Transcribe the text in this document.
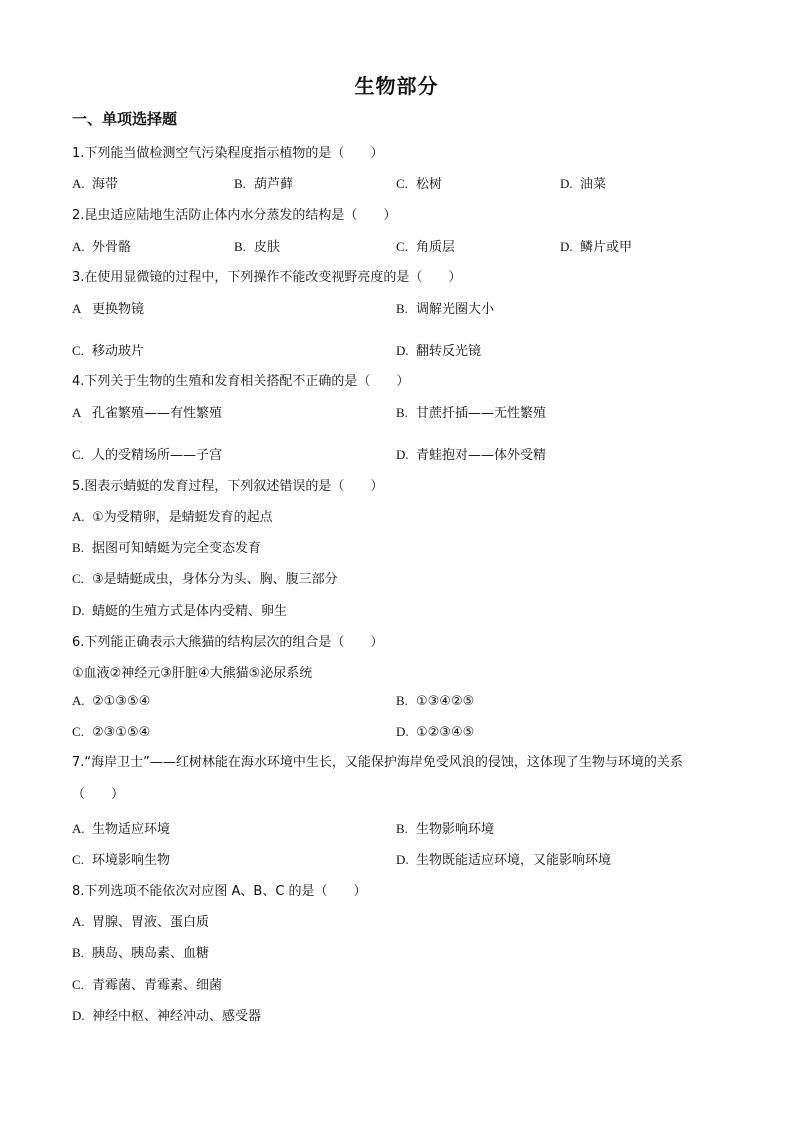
生物部分
一、单项选择题
1.下列能当做检测空气污染程度指示植物的是（　　）
A. 海带	B. 葫芦藓	C. 松树	D. 油菜
2.昆虫适应陆地生活防止体内水分蒸发的结构是（　　）
A. 外骨骼	B. 皮肤	C. 角质层	D. 鳞片或甲
3.在使用显微镜的过程中，下列操作不能改变视野亮度的是（　　）
A 更换物镜
·
B. 调解光圈大小
C. 移动玻片	D. 翻转反光镜
4.下列关于生物的生殖和发育相关搭配不正确的是（　　）
A 孔雀繁殖——有性繁殖
·
B. 甘蔗扦插——无性繁殖
C. 人的受精场所——子宫	D. 青蛙抱对——体外受精
5.图表示蜻蜓的发育过程，下列叙述错误的是（　　）
A. ①为受精卵，是蜻蜓发育的起点
B. 据图可知蜻蜓为完全变态发育
C. ③是蜻蜓成虫，身体分为头、胸、腹三部分
D. 蜻蜓的生殖方式是体内受精、卵生
6.下列能正确表示大熊猫的结构层次的组合是（　　）
①血液②神经元③肝脏④大熊猫⑤泌尿系统
A. ②①③⑤④	B. ①③④②⑤
C. ②③①⑤④	D. ①②③④⑤
7.“海岸卫士”——红树林能在海水环境中生长，又能保护海岸免受风浪的侵蚀，这体现了生物与环境的关系（　　）
A. 生物适应环境	B. 生物影响环境
C. 环境影响生物	D. 生物既能适应环境，又能影响环境
8.下列选项不能依次对应图 A、B、C 的是（　　）
A. 胃腺、胃液、蛋白质
B. 胰岛、胰岛素、血糖
C. 青霉菌、青霉素、细菌
D. 神经中枢、神经冲动、感受器
